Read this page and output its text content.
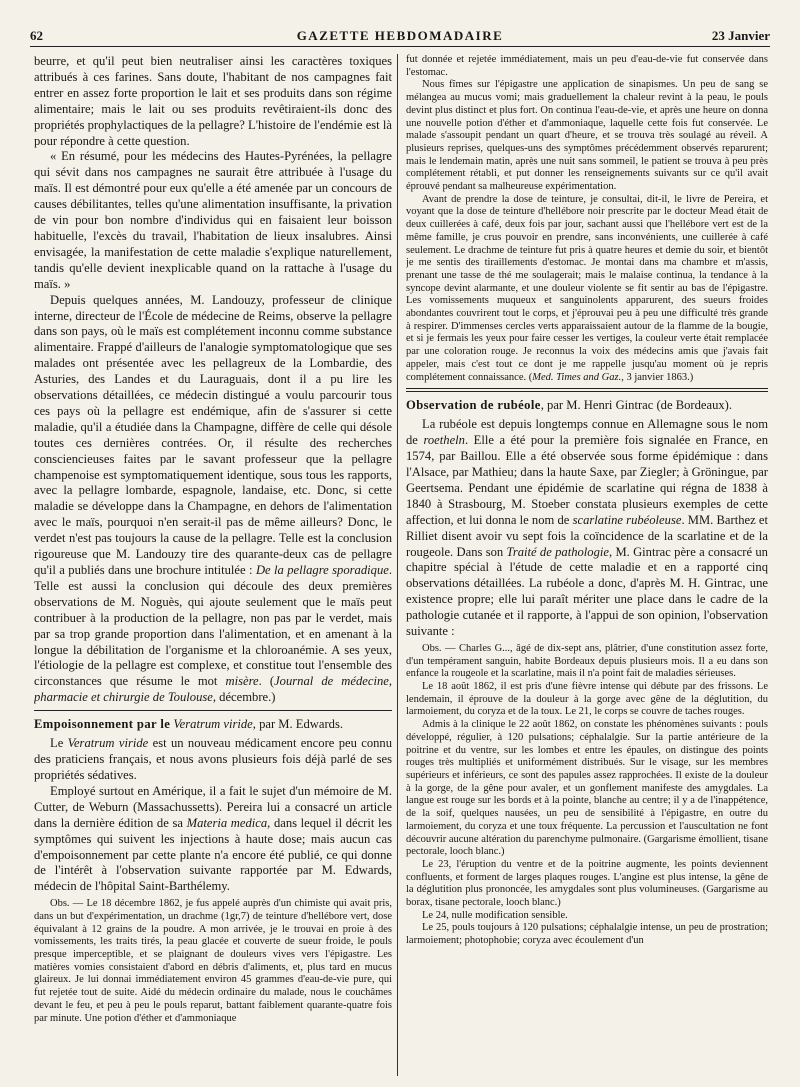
62	GAZETTE HEBDOMADAIRE	23 Janvier

beurre, et qu'il peut bien neutraliser ainsi les caractères toxiques attribués à ces farines. Sans doute, l'habitant de nos campagnes fait entrer en assez forte proportion le lait et ses produits dans son régime alimentaire; mais le lait ou ses produits revêtiraient-ils donc des propriétés prophylactiques de la pellagre? L'histoire de l'endémie est là pour répondre à cette question.

« En résumé, pour les médecins des Hautes-Pyrénées, la pellagre qui sévit dans nos campagnes ne saurait être attribuée à l'usage du maïs. Il est démontré pour eux qu'elle a été amenée par un concours de causes débilitantes, telles qu'une alimentation insuffisante, la privation de vin pour bon nombre d'individus qui en faisaient leur boisson habituelle, l'excès du travail, l'habitation de lieux insalubres. Ainsi envisagée, la manifestation de cette maladie s'explique naturellement, tandis qu'elle devient inexplicable quand on la rattache à l'usage du maïs. »

Depuis quelques années, M. Landouzy, professeur de clinique interne, directeur de l'École de médecine de Reims, observe la pellagre dans son pays, où le maïs est complétement inconnu comme substance alimentaire. Frappé d'ailleurs de l'analogie symptomatologique que ses malades ont présentée avec les pellagreux de la Lombardie, des Asturies, des Landes et du Lauraguais, dont il a pu lire les observations détaillées, ce médecin distingué a voulu parcourir tous ces pays où la pellagre est endémique, afin de s'assurer si cette maladie, qu'il a étudiée dans la Champagne, diffère de celle qui désole toutes ces dernières contrées. Or, il résulte des recherches consciencieuses faites par le savant professeur que la pellagre champenoise est symptomatiquement identique, sous tous les rapports, avec la pellagre lombarde, espagnole, landaise, etc. Donc, si cette maladie se développe dans la Champagne, en dehors de l'alimentation avec le maïs, pourquoi n'en serait-il pas de même ailleurs? Donc, le verdet n'est pas toujours la cause de la pellagre. Telle est la conclusion rigoureuse que M. Landouzy tire des quarante-deux cas de pellagre qu'il a publiés dans une brochure intitulée : De la pellagre sporadique. Telle est aussi la conclusion qui découle des deux premières observations de M. Noguès, qui ajoute seulement que le maïs peut contribuer à la production de la pellagre, non pas par le verdet, mais par sa trop grande proportion dans l'alimentation, et en amenant à la longue la débilitation de l'organisme et la chloroanémie. A ses yeux, l'étiologie de la pellagre est complexe, et constitue tout l'ensemble des circonstances que résume le mot misère. (Journal de médecine, pharmacie et chirurgie de Toulouse, décembre.)

Empoisonnement par le Veratrum viride, par M. Edwards.

Le Veratrum viride est un nouveau médicament encore peu connu des praticiens français, et nous avons plusieurs fois déjà parlé de ses propriétés sédatives.

Employé surtout en Amérique, il a fait le sujet d'un mémoire de M. Cutter, de Weburn (Massachussetts). Pereira lui a consacré un article dans la dernière édition de sa Materia medica, dans lequel il décrit les symptômes qui suivent les injections à haute dose; mais aucun cas d'empoisonnement par cette plante n'a encore été publié, ce qui donne de l'intérêt à l'observation suivante rapportée par M. Edwards, médecin de l'hôpital Saint-Barthélemy.

Obs. — Le 18 décembre 1862, je fus appelé auprès d'un chimiste qui avait pris, dans un but d'expérimentation, un drachme (1gr,7) de teinture d'hellébore vert, dose équivalant à 12 grains de la poudre. A mon arrivée, je le trouvai en proie à des vomissements, les traits tirés, la peau glacée et couverte de sueur froide, le pouls presque imperceptible, et se plaignant de douleurs vives vers l'épigastre. Les matières vomies consistaient d'abord en débris d'aliments, et, plus tard en mucus glaireux. Je lui donnai immédiatement environ 45 grammes d'eau-de-vie pure, qui fut rejetée tout de suite. Aidé du médecin ordinaire du malade, nous le couchâmes devant le feu, et peu à peu le pouls reparut, battant faiblement quarante-quatre fois par minute. Une potion d'éther et d'ammoniaque

fut donnée et rejetée immédiatement, mais un peu d'eau-de-vie fut conservée dans l'estomac.

Nous fîmes sur l'épigastre une application de sinapismes. Un peu de sang se mélangea au mucus vomi; mais graduellement la chaleur revint à la peau, le pouls devint plus distinct et plus fort. On continua l'eau-de-vie, et après une heure on donna une nouvelle potion d'éther et d'ammoniaque, laquelle cette fois fut conservée. Le malade s'assoupit pendant un quart d'heure, et se trouva très soulagé au réveil. A plusieurs reprises, quelques-uns des symptômes précédemment observés reparurent; mais le lendemain matin, après une nuit sans sommeil, le patient se trouva à peu près complétement rétabli, et put donner les renseignements suivants sur ce qu'il avait éprouvé pendant sa malheureuse expérimentation.

Avant de prendre la dose de teinture, je consultai, dit-il, le livre de Pereira, et voyant que la dose de teinture d'hellébore noir prescrite par le docteur Mead était de deux cuillerées à café, deux fois par jour, sachant aussi que l'hellébore vert est de la même famille, je crus pouvoir en prendre, sans inconvénients, une cuillerée à café seulement. Le drachme de teinture fut pris à quatre heures et demie du soir, et bientôt je me sentis des tiraillements d'estomac. Je montai dans ma chambre et m'assis, prenant une tasse de thé me soulagerait; mais le malaise continua, la tendance à la syncope devint alarmante, et une douleur violente se fit sentir au bas de l'épigastre. Les vomissements muqueux et sanguinolents apparurent, des sueurs froides abondantes couvrirent tout le corps, et j'éprouvai peu à peu une difficulté très grande à respirer. D'immenses cercles verts apparaissaient autour de la flamme de la bougie, et si je fermais les yeux pour faire cesser les vertiges, la couleur verte était remplacée par une coloration rouge. Je reconnus la voix des médecins amis que j'avais fait appeler, mais c'est tout ce dont je me rappelle jusqu'au moment où je repris complétement connaissance. (Med. Times and Gaz., 3 janvier 1863.)

Observation de rubéole, par M. Henri Gintrac (de Bordeaux).

La rubéole est depuis longtemps connue en Allemagne sous le nom de roetheln. Elle a été pour la première fois signalée en France, en 1574, par Baillou. Elle a été observée sous forme épidémique : dans l'Alsace, par Mathieu; dans la haute Saxe, par Ziegler; à Gröningue, par Geertsema. Pendant une épidémie de scarlatine qui régna de 1838 à 1840 à Strasbourg, M. Stoeber constata plusieurs exemples de cette affection, et lui donna le nom de scarlatine rubéoleuse. MM. Barthez et Rilliet disent avoir vu sept fois la coïncidence de la scarlatine et de la rougeole. Dans son Traité de pathologie, M. Gintrac père a consacré un chapitre spécial à l'étude de cette maladie et en a rapporté cinq observations détaillées. La rubéole a donc, d'après M. H. Gintrac, une existence propre; elle lui paraît mériter une place dans le cadre de la pathologie cutanée et il rapporte, à l'appui de son opinion, l'observation suivante :

Obs. — Charles G..., âgé de dix-sept ans, plâtrier, d'une constitution assez forte, d'un tempérament sanguin, habite Bordeaux depuis plusieurs mois. Il a eu dans son enfance la rougeole et la scarlatine, mais il n'a point fait de maladies sérieuses.

Le 18 août 1862, il est pris d'une fièvre intense qui débute par des frissons. Le lendemain, il éprouve de la douleur à la gorge avec gêne de la déglutition, du larmoiement, du coryza et de la toux. Le 21, le corps se couvre de taches rouges.

Admis à la clinique le 22 août 1862, on constate les phénomènes suivants : pouls développé, régulier, à 120 pulsations; céphalalgie. Sur la partie antérieure de la poitrine et du ventre, sur les lombes et entre les épaules, on distingue des points rouges très multipliés et uniformément distribués. Sur le visage, sur les membres supérieurs et inférieurs, ce sont des papules assez rapprochées. Il existe de la douleur à la gorge, de la gêne pour avaler, et un gonflement manifeste des amygdales. La langue est rouge sur les bords et à la pointe, blanche au centre; il y a de l'inappétence, de la soif, quelques nausées, un peu de sensibilité à l'épigastre, en outre du larmoiement, du coryza et une toux fréquente. La percussion et l'auscultation ne font découvrir aucune altération du parenchyme pulmonaire. (Gargarisme émollient, tisane pectorale, looch blanc.)

Le 23, l'éruption du ventre et de la poitrine augmente, les points deviennent confluents, et forment de larges plaques rouges. L'angine est plus intense, la gêne de la déglutition plus prononcée, les amygdales sont plus volumineuses. (Gargarisme au borax, tisane pectorale, looch blanc.)

Le 24, nulle modification sensible.

Le 25, pouls toujours à 120 pulsations; céphalalgie intense, un peu de prostration; larmoiement; photophobie; coryza avec écoulement d'un
